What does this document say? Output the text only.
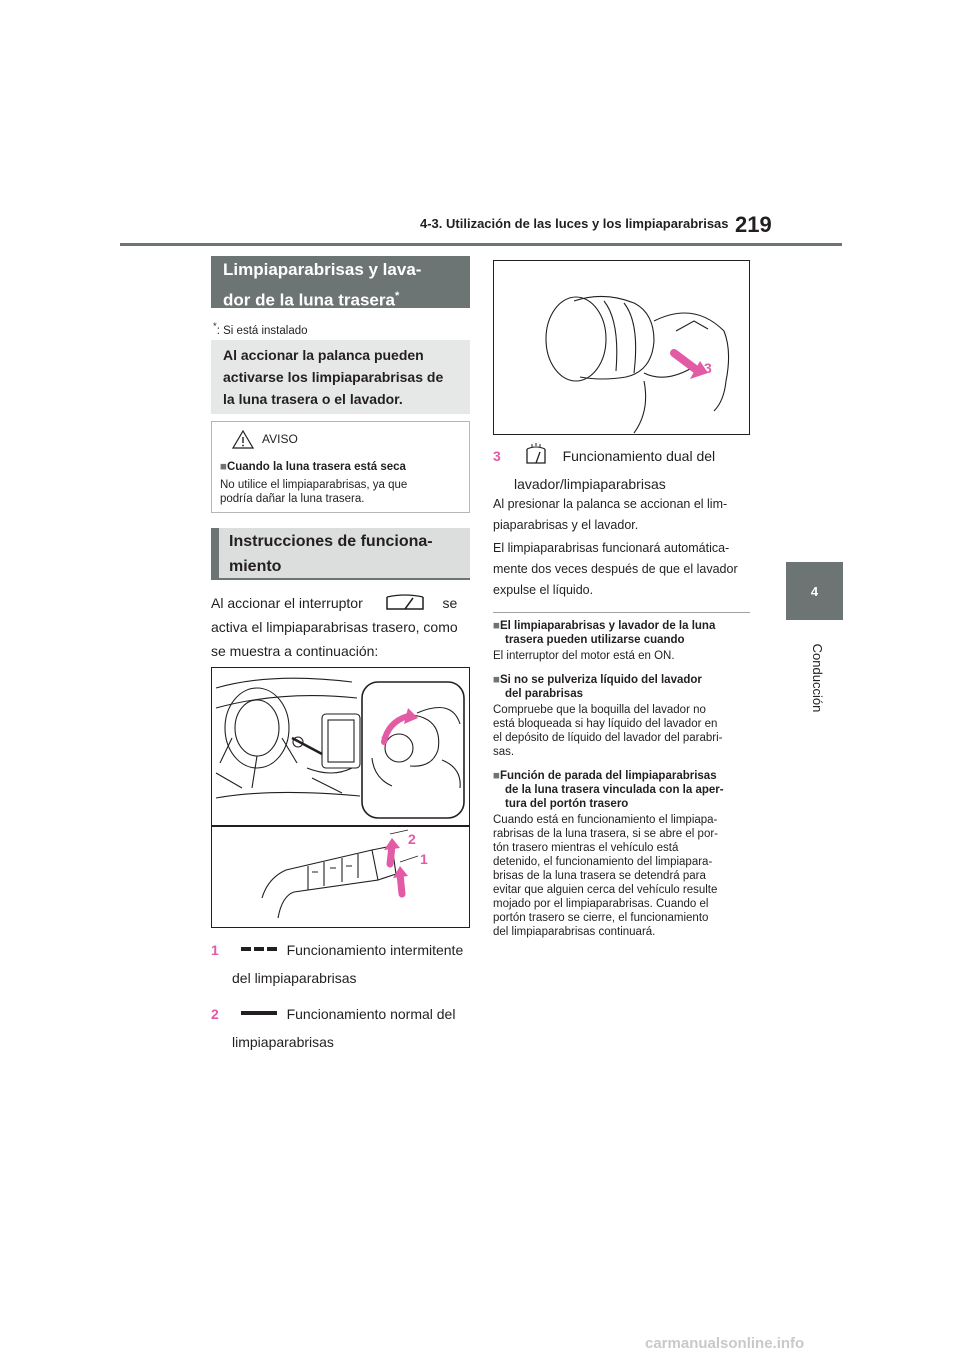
4-3. Utilización de las luces y los limpiaparabrisas 219
4
Conducción
Limpiaparabrisas y lava-
dor de la luna trasera*
*: Si está instalado
Al accionar la palanca pueden
activarse los limpiaparabrisas de
la luna trasera o el lavador.
AVISO
■Cuando la luna trasera está seca
No utilice el limpiaparabrisas, ya que
podría dañar la luna trasera.
Instrucciones de funciona-
miento
Al accionar el interruptor	se
activa el limpiaparabrisas trasero, como
se muestra a continuación:
2
1
1	Funcionamiento intermitente
del limpiaparabrisas
2	Funcionamiento normal del
limpiaparabrisas
3
3	Funcionamiento dual del
lavador/limpiaparabrisas
Al presionar la palanca se accionan el lim-
piaparabrisas y el lavador.
El limpiaparabrisas funcionará automática-
mente dos veces después de que el lavador
expulse el líquido.
■El limpiaparabrisas y lavador de la luna
trasera pueden utilizarse cuando
El interruptor del motor está en ON.
■Si no se pulveriza líquido del lavador
del parabrisas
Compruebe que la boquilla del lavador no
está bloqueada si hay líquido del lavador en
el depósito de líquido del lavador del parabri-
sas.
■Función de parada del limpiaparabrisas
de la luna trasera vinculada con la aper-
tura del portón trasero
Cuando está en funcionamiento el limpiapa-
rabrisas de la luna trasera, si se abre el por-
tón trasero mientras el vehículo está
detenido, el funcionamiento del limpiapara-
brisas de la luna trasera se detendrá para
evitar que alguien cerca del vehículo resulte
mojado por el limpiaparabrisas. Cuando el
portón trasero se cierre, el funcionamiento
del limpiaparabrisas continuará.
carmanualsonline.info
